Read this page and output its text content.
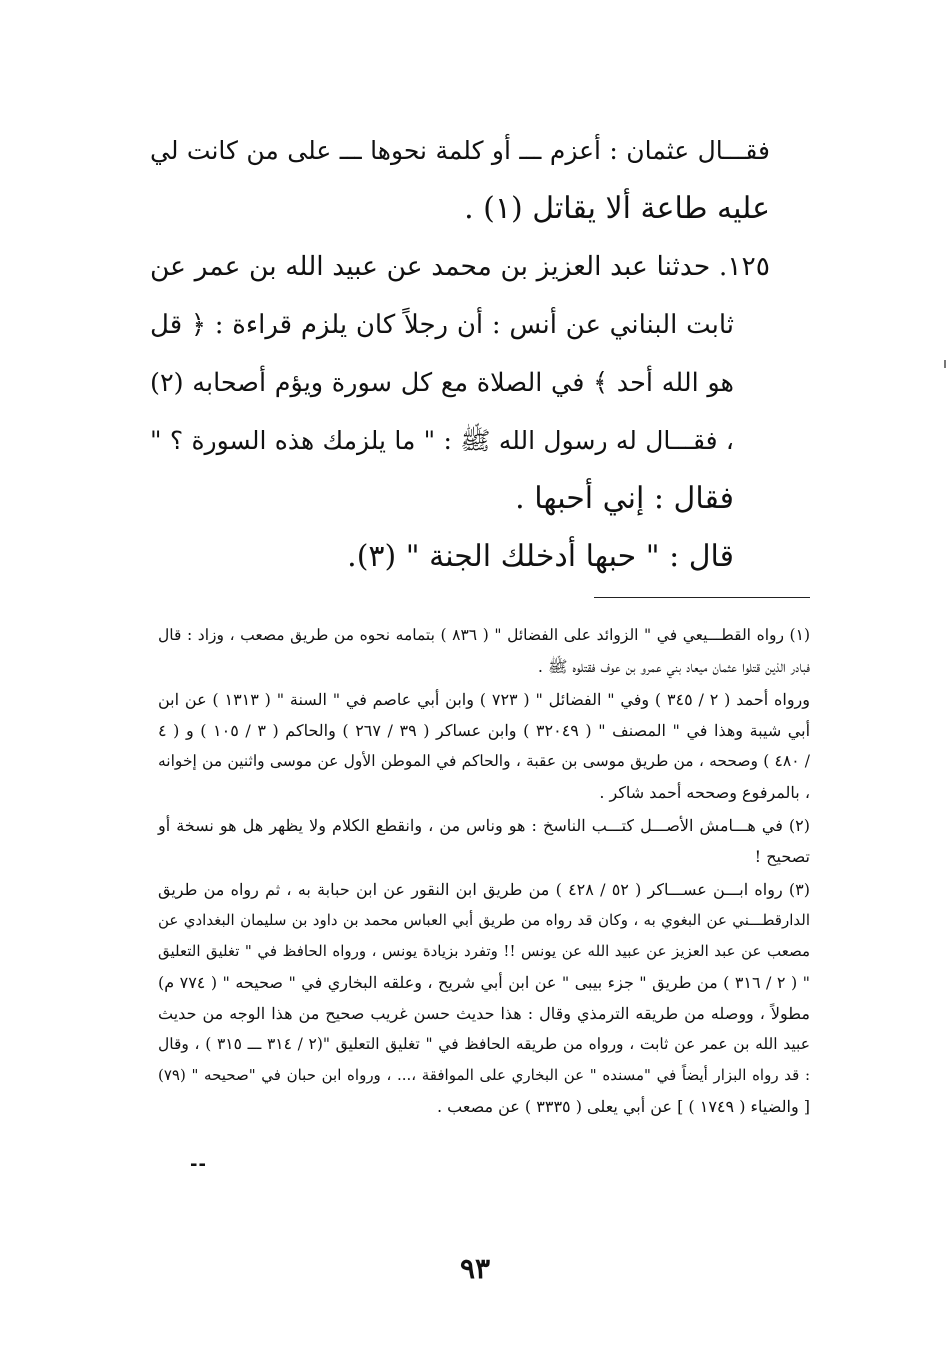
فقـــال عثمان : أعزم ـــ أو كلمة نحوها ـــ على من كانت لي

عليه طاعة ألا يقاتل (١) .

١٢٥. حدثنا عبد العزيز بن محمد عن عبيد الله بن عمر عن

ثابت البناني عن أنس : أن رجلاً كان يلزم قراءة : ﴿ قل

هو الله أحد ﴾ في الصلاة مع كل سورة ويؤم أصحابه (٢)

، فقـــال له رسول الله ﷺ : " ما يلزمك هذه السورة ؟ "

فقال : إني أحبها .

قال : " حبها أدخلك الجنة " (٣).

(١) رواه القطـــيعي في " الزوائد على الفضائل " ( ٨٣٦ ) بتمامه نحوه من طريق مصعب ، وزاد : قال

فبادر الذين قتلوا عثمان ميعاد بني عمرو بن عوف فقتلوه ﷺ .

ورواه أحمد ( ٢ / ٣٤٥ ) وفي " الفضائل " ( ٧٢٣ ) وابن أبي عاصم في " السنة " ( ١٣١٣ ) عن ابن

أبي شيبة وهذا في " المصنف " ( ٣٢٠٤٩ ) وابن عساكر ( ٣٩ / ٢٦٧ ) والحاكم ( ٣ / ١٠٥ ) و ( ٤

/ ٤٨٠ ) وصححه ، من طريق موسى بن عقبة ، والحاكم في الموطن الأول عن موسى واثنين من إخوانه

، بالمرفوع وصححه أحمد شاكر .

(٢) في هـــامش الأصـــل كتـــب الناسخ : هو وناس من ، وانقطع الكلام ولا يظهر هل هو نسخة أو

تصحيح !

(٣) رواه ابـــن عســـاكر ( ٥٢ / ٤٢٨ ) من طريق ابن النقور عن ابن حبابة به ، ثم رواه من طريق

الدارقطـــني عن البغوي به ، وكان قد رواه من طريق أبي العباس محمد بن داود بن سليمان البغدادي عن

مصعب عن عبد العزيز عن عبيد الله عن يونس !! وتفرد بزيادة يونس ، ورواه الحافظ في " تغليق التعليق

" ( ٢ / ٣١٦ ) من طريق " جزء بيبى " عن ابن أبي شريح ، وعلقه البخاري في " صحيحه " ( ٧٧٤ م)

مطولاً ، ووصله من طريقه الترمذي وقال : هذا حديث حسن غريب صحيح من هذا الوجه من حديث

عبيد الله بن عمر عن ثابت ، ورواه من طريقه الحافظ في " تغليق التعليق "(٢ / ٣١٤ ـــ ٣١٥ ) ، وقال

: قد رواه البزار أيضاً في "مسنده " عن البخاري على الموافقة ،... ، ورواه ابن حبان في "صحيحه " (٧٩)

[ والضياء ( ١٧٤٩ ) ] عن أبي يعلى ( ٣٣٣٥ ) عن مصعب .

--
٩٣
